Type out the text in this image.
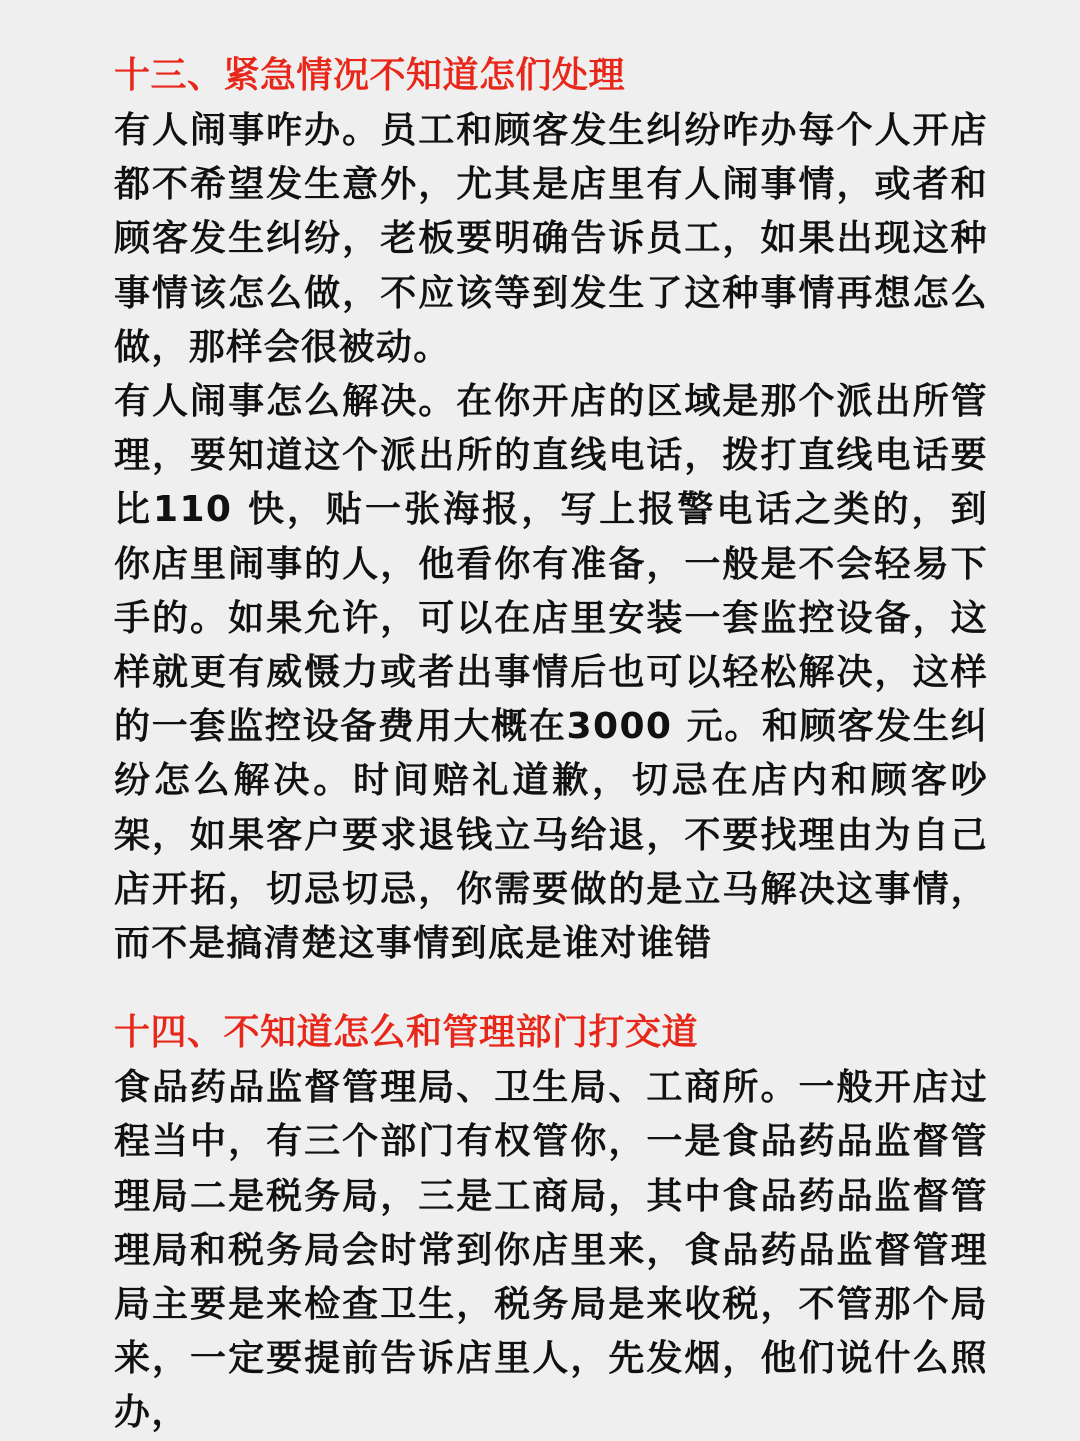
十三、紧急情况不知道怎们处理

有人闹事咋办。员工和顾客发生纠纷咋办每个人开店都不希望发生意外，尤其是店里有人闹事情，或者和顾客发生纠纷，老板要明确告诉员工，如果出现这种事情该怎么做，不应该等到发生了这种事情再想怎么做，那样会很被动。

有人闹事怎么解决。在你开店的区域是那个派出所管理，要知道这个派出所的直线电话，拨打直线电话要比110 快，贴一张海报，写上报警电话之类的，到你店里闹事的人，他看你有准备，一般是不会轻易下手的。如果允许，可以在店里安装一套监控设备，这样就更有威慑力或者出事情后也可以轻松解决，这样的一套监控设备费用大概在3000 元。和顾客发生纠纷怎么解决。时间赔礼道歉，切忌在店内和顾客吵架，如果客户要求退钱立马给退，不要找理由为自己店开拓，切忌切忌，你需要做的是立马解决这事情，而不是搞清楚这事情到底是谁对谁错

十四、不知道怎么和管理部门打交道

食品药品监督管理局、卫生局、工商所。一般开店过程当中，有三个部门有权管你，一是食品药品监督管理局二是税务局，三是工商局，其中食品药品监督管理局和税务局会时常到你店里来，食品药品监督管理局主要是来检查卫生，税务局是来收税，不管那个局来，一定要提前告诉店里人，先发烟，他们说什么照办，
